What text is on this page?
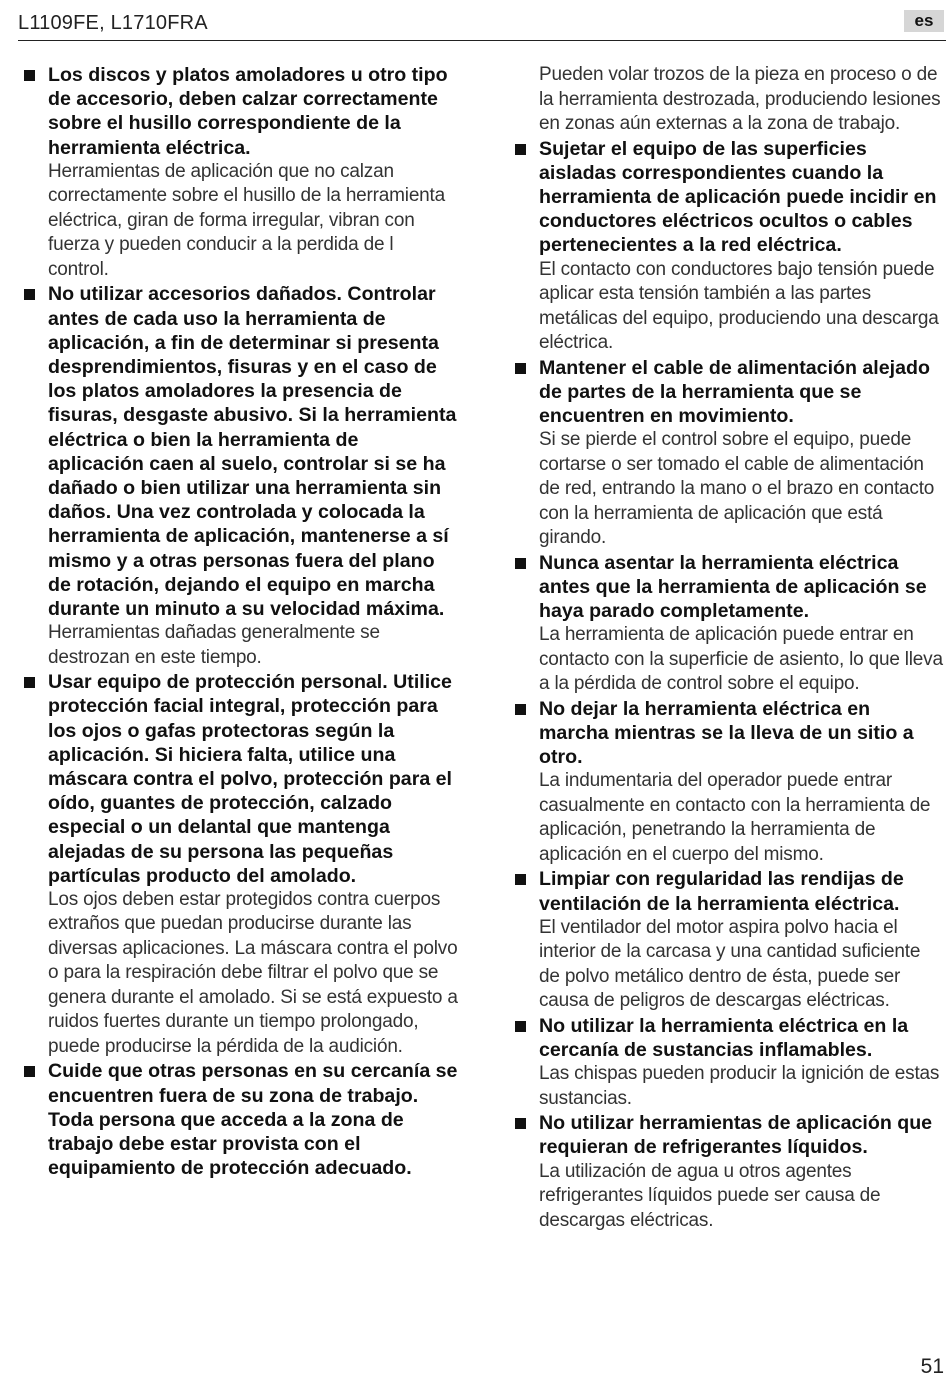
L1109FE, L1710FRA	es
Los discos y platos amoladores u otro tipo de accesorio, deben calzar correctamente sobre el husillo correspondiente de la herramienta eléctrica.
Herramientas de aplicación que no calzan correctamente sobre el husillo de la herramienta eléctrica, giran de forma irregular, vibran con fuerza y pueden conducir a la perdida de l control.
No utilizar accesorios dañados. Controlar antes de cada uso la herramienta de aplicación, a fin de determinar si presenta desprendimientos, fisuras y en el caso de los platos amoladores la presencia de fisuras, desgaste abusivo. Si la herramienta eléctrica o bien la herramienta de aplicación caen al suelo, controlar si se ha dañado o bien utilizar una herramienta sin daños. Una vez controlada y colocada la herramienta de aplicación, mantenerse a sí mismo y a otras personas fuera del plano de rotación, dejando el equipo en marcha durante un minuto a su velocidad máxima.
Herramientas dañadas generalmente se destrozan en este tiempo.
Usar equipo de protección personal. Utilice protección facial integral, protección para los ojos o gafas protectoras según la aplicación. Si hiciera falta, utilice una máscara contra el polvo, protección para el oído, guantes de protección, calzado especial o un delantal que mantenga alejadas de su persona las pequeñas partículas producto del amolado.
Los ojos deben estar protegidos contra cuerpos extraños que puedan producirse durante las diversas aplicaciones. La máscara contra el polvo o para la respiración debe filtrar el polvo que se genera durante el amolado. Si se está expuesto a ruidos fuertes durante un tiempo prolongado, puede producirse la pérdida de la audición.
Cuide que otras personas en su cercanía se encuentren fuera de su zona de trabajo. Toda persona que acceda a la zona de trabajo debe estar provista con el equipamiento de protección adecuado.
Pueden volar trozos de la pieza en proceso o de la herramienta destrozada, produciendo lesiones en zonas aún externas a la zona de trabajo.
Sujetar el equipo de las superficies aisladas correspondientes cuando la herramienta de aplicación puede incidir en conductores eléctricos ocultos o cables pertenecientes a la red eléctrica.
El contacto con conductores bajo tensión puede aplicar esta tensión también a las partes metálicas del equipo, produciendo una descarga eléctrica.
Mantener el cable de alimentación alejado de partes de la herramienta que se encuentren en movimiento.
Si se pierde el control sobre el equipo, puede cortarse o ser tomado el cable de alimentación de red, entrando la mano o el brazo en contacto con la herramienta de aplicación que está girando.
Nunca asentar la herramienta eléctrica antes que la herramienta de aplicación se haya parado completamente.
La herramienta de aplicación puede entrar en contacto con la superficie de asiento, lo que lleva a la pérdida de control sobre el equipo.
No dejar la herramienta eléctrica en marcha mientras se la lleva de un sitio a otro.
La indumentaria del operador puede entrar casualmente en contacto con la herramienta de aplicación, penetrando la herramienta de aplicación en el cuerpo del mismo.
Limpiar con regularidad las rendijas de ventilación de la herramienta eléctrica.
El ventilador del motor aspira polvo hacia el interior de la carcasa y una cantidad suficiente de polvo metálico dentro de ésta, puede ser causa de peligros de descargas eléctricas.
No utilizar la herramienta eléctrica en la cercanía de sustancias inflamables.
Las chispas pueden producir la ignición de estas sustancias.
No utilizar herramientas de aplicación que requieran de refrigerantes líquidos.
La utilización de agua u otros agentes refrigerantes líquidos puede ser causa de descargas eléctricas.
51
